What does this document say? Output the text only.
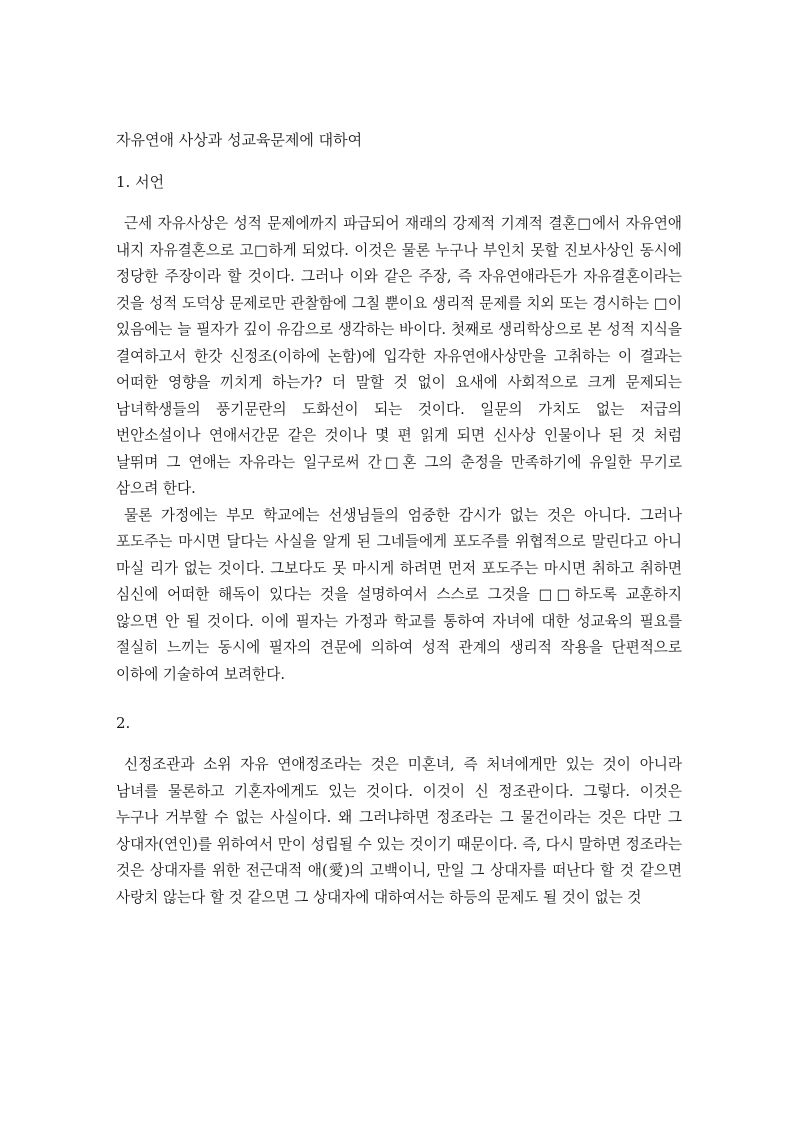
자유연애 사상과 성교육문제에 대하여
1. 서언

근세 자유사상은 성적 문제에까지 파급되어 재래의 강제적 기계적 결혼□에서 자유연애 내지 자유결혼으로 고□하게 되었다. 이것은 물론 누구나 부인치 못할 진보사상인 동시에 정당한 주장이라 할 것이다. 그러나 이와 같은 주장, 즉 자유연애라든가 자유결혼이라는 것을 성적 도덕상 문제로만 관찰함에 그칠 뿐이요 생리적 문제를 치외 또는 경시하는 □이 있음에는 늘 필자가 깊이 유감으로 생각하는 바이다. 첫째로 생리학상으로 본 성적 지식을 결여하고서 한갓 신정조(이하에 논함)에 입각한 자유연애사상만을 고취하는 이 결과는 어떠한 영향을 끼치게 하는가? 더 말할 것 없이 요새에 사회적으로 크게 문제되는 남녀학생들의 풍기문란의 도화선이 되는 것이다. 일문의 가치도 없는 저급의 번안소설이나 연애서간문 같은 것이나 몇 편 읽게 되면 신사상 인물이나 된 것 처럼 날뛰며 그 연애는 자유라는 일구로써 간□혼 그의 춘정을 만족하기에 유일한 무기로 삼으려 한다.

물론 가정에는 부모 학교에는 선생님들의 엄중한 감시가 없는 것은 아니다. 그러나 포도주는 마시면 달다는 사실을 알게 된 그네들에게 포도주를 위협적으로 말린다고 아니 마실 리가 없는 것이다. 그보다도 못 마시게 하려면 먼저 포도주는 마시면 취하고 취하면 심신에 어떠한 해독이 있다는 것을 설명하여서 스스로 그것을 □□하도록 교훈하지 않으면 안 될 것이다. 이에 필자는 가정과 학교를 통하여 자녀에 대한 성교육의 필요를 절실히 느끼는 동시에 필자의 견문에 의하여 성적 관계의 생리적 작용을 단편적으로 이하에 기술하여 보려한다.

2.

신정조관과 소위 자유 연애정조라는 것은 미혼녀, 즉 처녀에게만 있는 것이 아니라 남녀를 물론하고 기혼자에게도 있는 것이다. 이것이 신 정조관이다. 그렇다. 이것은 누구나 거부할 수 없는 사실이다. 왜 그러냐하면 정조라는 그 물건이라는 것은 다만 그 상대자(연인)를 위하여서 만이 성립될 수 있는 것이기 때문이다. 즉, 다시 말하면 정조라는 것은 상대자를 위한 전근대적 애(愛)의 고백이니, 만일 그 상대자를 떠난다 할 것 같으면 사랑치 않는다 할 것 같으면 그 상대자에 대하여서는 하등의 문제도 될 것이 없는 것
